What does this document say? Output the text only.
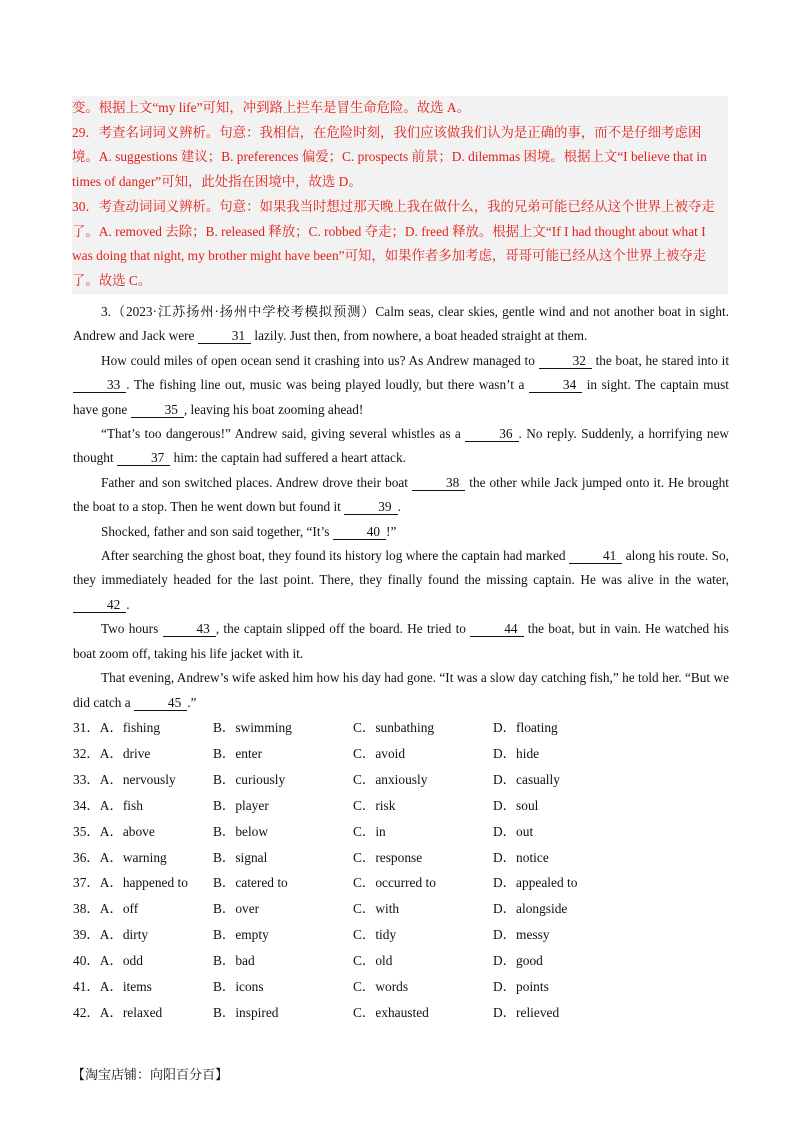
变。根据上文“my life”可知，冲到路上拦车是冒生命危险。故选 A。

29．考查名词词义辨析。句意：我相信，在危险时刻，我们应该做我们认为是正确的事，而不是仔细考虑困境。A. suggestions 建议；B. preferences 偏爱；C. prospects 前景；D. dilemmas 困境。根据上文“I believe that in times of danger”可知，此处指在困境中，故选 D。

30．考查动词词义辨析。句意：如果我当时想过那天晚上我在做什么，我的兄弟可能已经从这个世界上被夺走了。A. removed 去除；B. released 释放；C. robbed 夺走；D. freed 释放。根据上文“If I had thought about what I was doing that night, my brother might have been”可知，如果作者多加考虑，哥哥可能已经从这个世界上被夺走了。故选 C。

3.（2023·江苏扬州·扬州中学校考模拟预测）Calm seas, clear skies, gentle wind and not another boat in sight. Andrew and Jack were	31 lazily. Just then, from nowhere, a boat headed straight at them.

How could miles of open ocean send it crashing into us? As Andrew managed to	32 the boat, he stared into it 33 . The fishing line out, music was being played loudly, but there wasn’t a	34 in sight. The captain must have gone	35 , leaving his boat zooming ahead!

“That’s too dangerous!” Andrew said, giving several whistles as a	36 . No reply. Suddenly, a horrifying new thought	37 him: the captain had suffered a heart attack.

Father and son switched places. Andrew drove their boat	38 the other while Jack jumped onto it. He brought the boat to a stop. Then he went down but found it	39 .

Shocked, father and son said together, “It’s	40 !”

After searching the ghost boat, they found its history log where the captain had marked	41 along his route. So, they immediately headed for the last point. There, they finally found the missing captain. He was alive in the water, 42 .

Two hours	43 , the captain slipped off the board. He tried to	44 the boat, but in vain. He watched his boat zoom off, taking his life jacket with it.

That evening, Andrew’s wife asked him how his day had gone. “It was a slow day catching fish,” he told her. “But we did catch a	45 .”

31．A．fishing	B．swimming	C．sunbathing	D．floating
32．A．drive	B．enter	C．avoid	D．hide
33．A．nervously	B．curiously	C．anxiously	D．casually
34．A．fish	B．player	C．risk	D．soul
35．A．above	B．below	C．in	D．out
36．A．warning	B．signal	C．response	D．notice
37．A．happened to	B．catered to	C．occurred to	D．appealed to
38．A．off	B．over	C．with	D．alongside
39．A．dirty	B．empty	C．tidy	D．messy
40．A．odd	B．bad	C．old	D．good
41．A．items	B．icons	C．words	D．points
42．A．relaxed	B．inspired	C．exhausted	D．relieved
【淘宝店铺：向阳百分百】
